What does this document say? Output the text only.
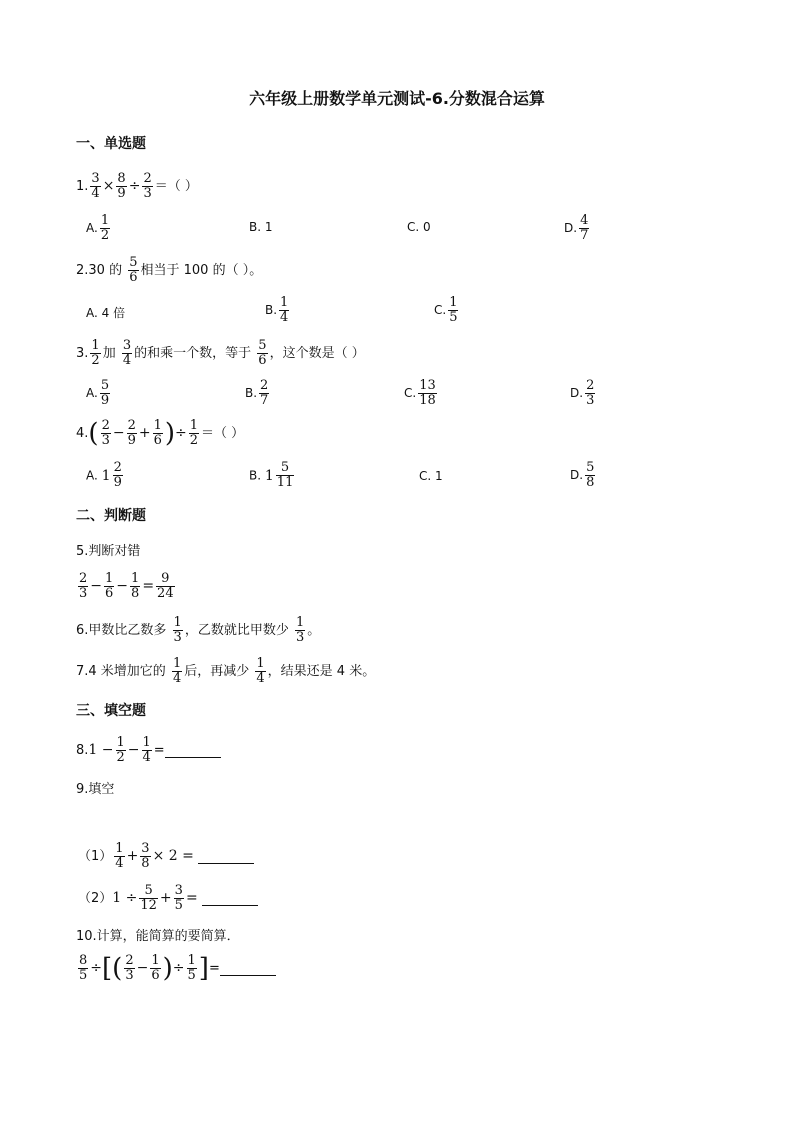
六年级上册数学单元测试-6.分数混合运算
一、单选题
1. $\frac{3}{4} \times \frac{8}{9} \div \frac{2}{3}$ ＝（ ）
A. $\frac{1}{2}$	B. 1	C. 0	D. $\frac{4}{7}$
2.30 的 $\frac{5}{6}$ 相当于 100 的（ ）。
A. 4 倍	B. $\frac{1}{4}$	C. $\frac{1}{5}$
3. $\frac{1}{2}$ 加 $\frac{3}{4}$ 的和乘一个数，等于 $\frac{5}{6}$ ，这个数是（ ）
A. $\frac{5}{9}$	B. $\frac{2}{7}$	C. $\frac{13}{18}$	D. $\frac{2}{3}$
$4.( \frac{2}{3} - \frac{2}{9} + \frac{1}{6}$ )÷ $\frac{1}{2}$ ＝（ ）
A. $1 \frac{2}{9}$	B. $1 \frac{5}{11}$	C. 1	D. $\frac{5}{8}$
二、判断题
5.判断对错
$\frac{2}{3} - \frac{1}{6} - \frac{1}{8} = \frac{9}{24}$
6.甲数比乙数多 $\frac{1}{3}$ ，乙数就比甲数少 $\frac{1}{3}$ 。
7.4 米增加它的 $\frac{1}{4}$ 后，再减少 $\frac{1}{4}$ ，结果还是 4 米。
三、填空题
$8.1 - \frac{1}{2} - \frac{1}{4}$ =
9.填空
$(1) \frac{1}{4} + \frac{3}{8} \times 2$ =
$(2)1 \div \frac{5}{12} + \frac{3}{5}$ =
10.计算，能简算的要简算．
$\frac{8}{5}$ ÷[( $\frac{2}{3} - \frac{1}{6}$ )÷ $\frac{1}{5}$ ]=
